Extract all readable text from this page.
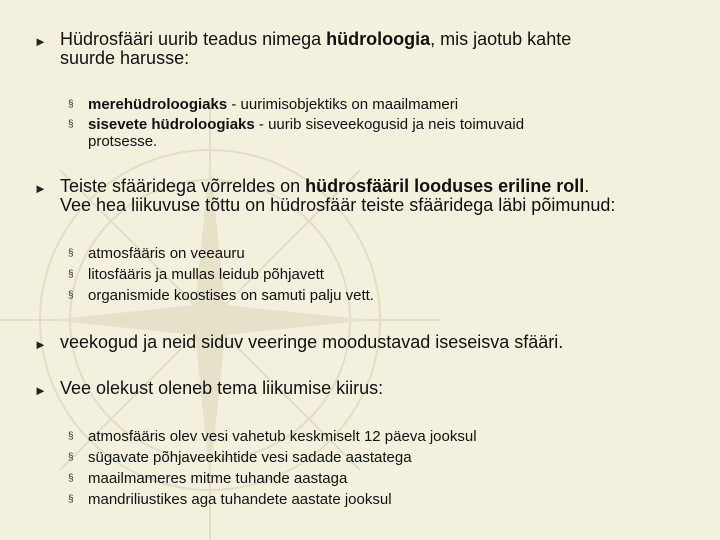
► Hüdrosfääri uurib teadus nimega hüdroloogia, mis jaotub kahte
suurde harusse:
§ merehüdroloogiaks - uurimisobjektiks on maailmameri
§ sisevete hüdroloogiaks - uurib siseveekogusid ja neis toimuvaid
protsesse.
► Teiste sfääridega võrreldes on hüdrosfääril looduses eriline roll.
Vee hea liikuvuse tõttu on hüdrosfäär teiste sfääridega läbi põimunud:
§ atmosfääris on veeauru
§ litosfääris ja mullas leidub põhjavett
§ organismide koostises on samuti palju vett.
► veekogud ja neid siduv veeringe moodustavad iseseisva sfääri.
► Vee olekust oleneb tema liikumise kiirus:
§ atmosfääris olev vesi vahetub keskmiselt 12 päeva jooksul
§ sügavate põhjaveekihtide vesi sadade aastatega
§ maailmameres mitme tuhande aastaga
§ mandriliustikes aga tuhandete aastate jooksul
